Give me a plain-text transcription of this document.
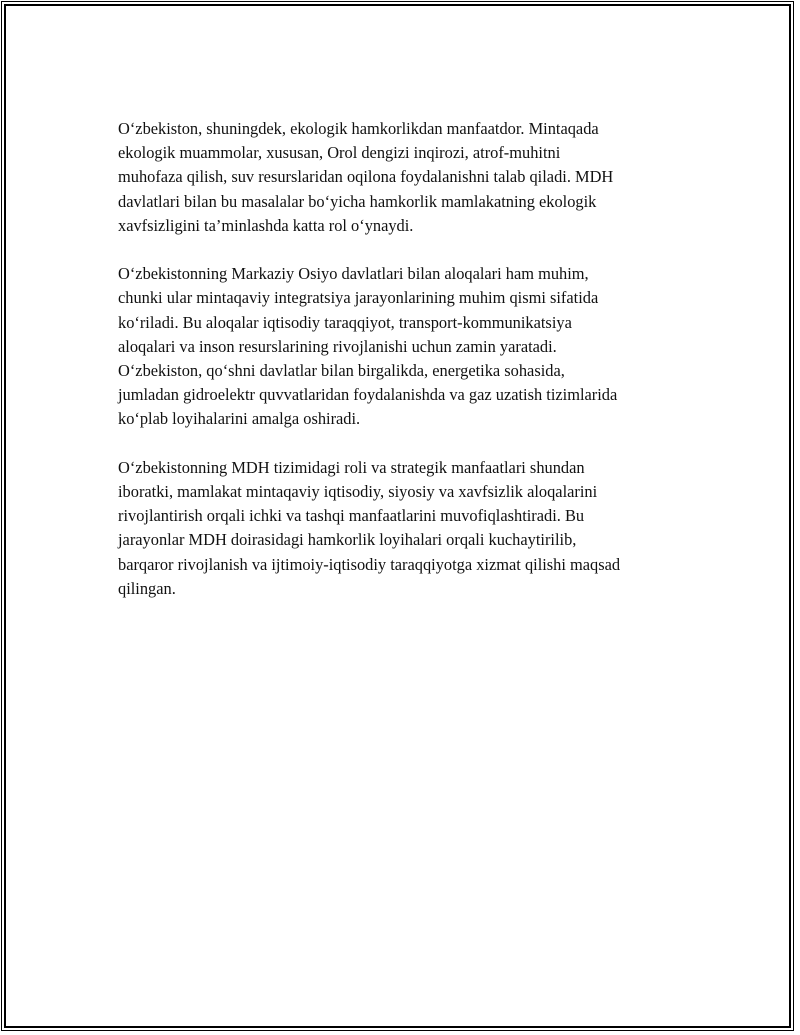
O‘zbekiston, shuningdek, ekologik hamkorlikdan manfaatdor. Mintaqada
ekologik muammolar, xususan, Orol dengizi inqirozi, atrof-muhitni
muhofaza qilish, suv resurslaridan oqilona foydalanishni talab qiladi. MDH
davlatlari bilan bu masalalar bo‘yicha hamkorlik mamlakatning ekologik
xavfsizligini ta’minlashda katta rol o‘ynaydi.

O‘zbekistonning Markaziy Osiyo davlatlari bilan aloqalari ham muhim,
chunki ular mintaqaviy integratsiya jarayonlarining muhim qismi sifatida
ko‘riladi. Bu aloqalar iqtisodiy taraqqiyot, transport-kommunikatsiya
aloqalari va inson resurslarining rivojlanishi uchun zamin yaratadi.
O‘zbekiston, qo‘shni davlatlar bilan birgalikda, energetika sohasida,
jumladan gidroelektr quvvatlaridan foydalanishda va gaz uzatish tizimlarida
ko‘plab loyihalarini amalga oshiradi.

O‘zbekistonning MDH tizimidagi roli va strategik manfaatlari shundan
iboratki, mamlakat mintaqaviy iqtisodiy, siyosiy va xavfsizlik aloqalarini
rivojlantirish orqali ichki va tashqi manfaatlarini muvofiqlashtiradi. Bu
jarayonlar MDH doirasidagi hamkorlik loyihalari orqali kuchaytirilib,
barqaror rivojlanish va ijtimoiy-iqtisodiy taraqqiyotga xizmat qilishi maqsad
qilingan.
